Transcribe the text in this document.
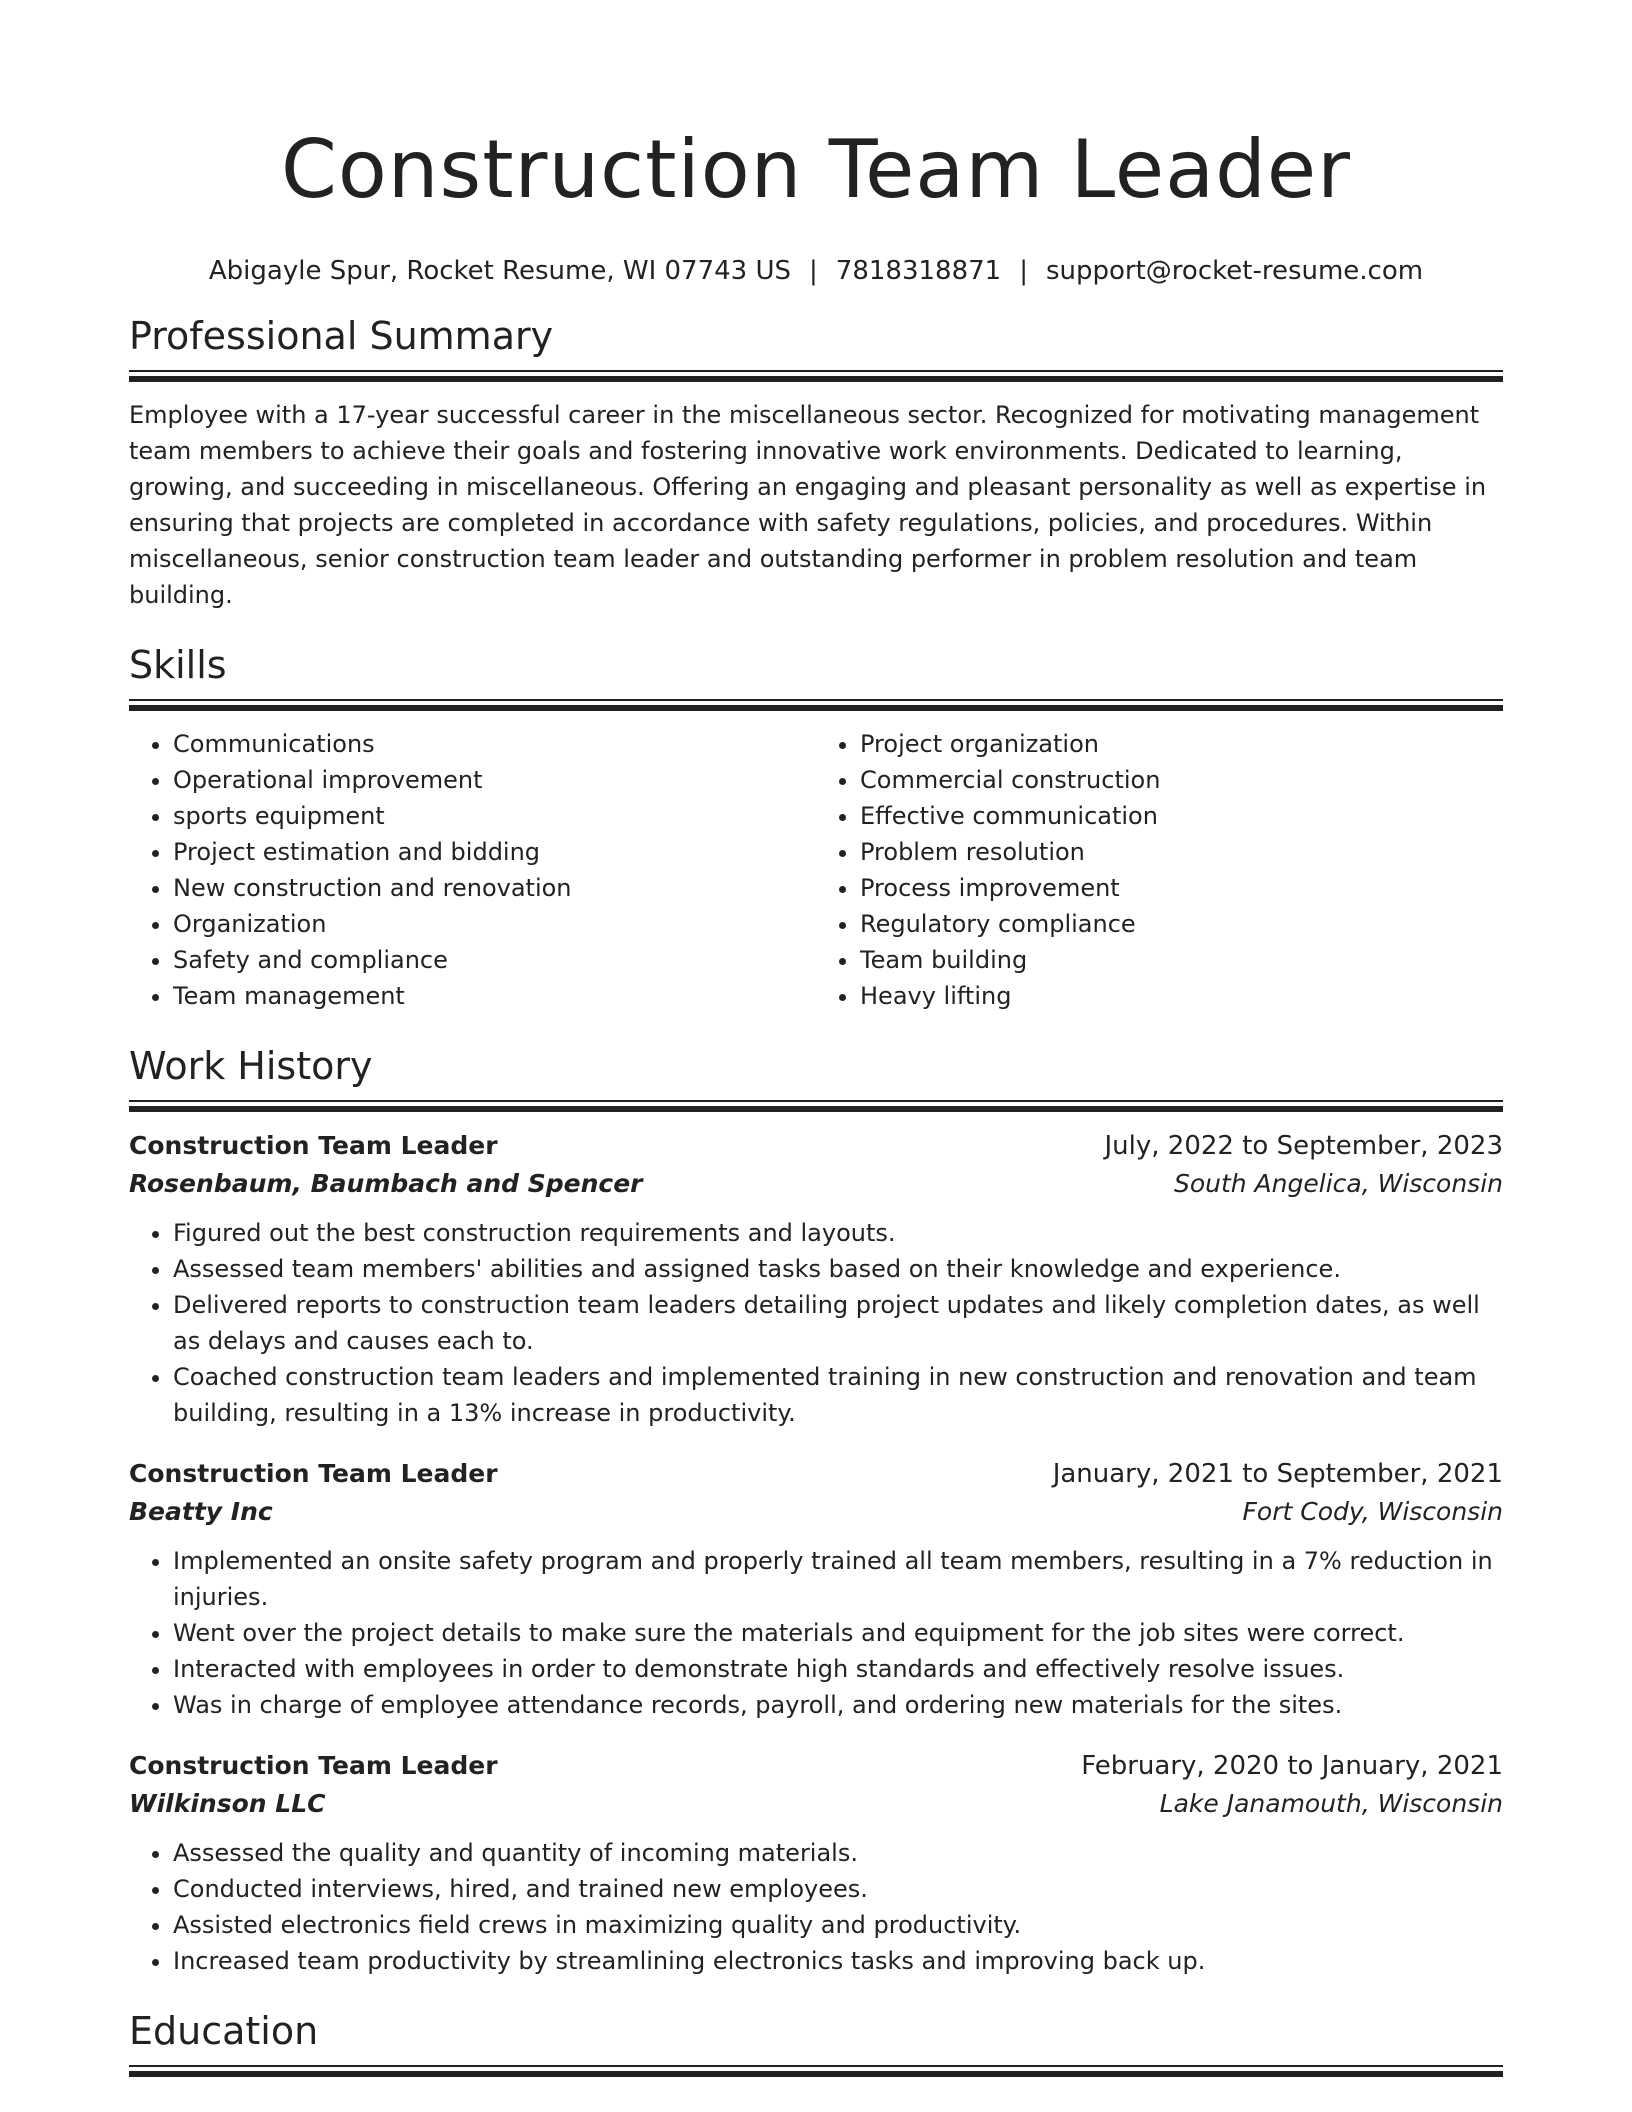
Construction Team Leader
Abigayle Spur, Rocket Resume, WI 07743 US | 7818318871 | support@rocket-resume.com
Professional Summary
Employee with a 17-year successful career in the miscellaneous sector. Recognized for motivating management team members to achieve their goals and fostering innovative work environments. Dedicated to learning, growing, and succeeding in miscellaneous. Offering an engaging and pleasant personality as well as expertise in ensuring that projects are completed in accordance with safety regulations, policies, and procedures. Within miscellaneous, senior construction team leader and outstanding performer in problem resolution and team building.
Skills
• Communications
• Operational improvement
• sports equipment
• Project estimation and bidding
• New construction and renovation
• Organization
• Safety and compliance
• Team management
• Project organization
• Commercial construction
• Effective communication
• Problem resolution
• Process improvement
• Regulatory compliance
• Team building
• Heavy lifting
Work History
Construction Team Leader	July, 2022 to September, 2023
Rosenbaum, Baumbach and Spencer	South Angelica, Wisconsin
• Figured out the best construction requirements and layouts.
• Assessed team members' abilities and assigned tasks based on their knowledge and experience.
• Delivered reports to construction team leaders detailing project updates and likely completion dates, as well as delays and causes each to.
• Coached construction team leaders and implemented training in new construction and renovation and team building, resulting in a 13% increase in productivity.
Construction Team Leader	January, 2021 to September, 2021
Beatty Inc	Fort Cody, Wisconsin
• Implemented an onsite safety program and properly trained all team members, resulting in a 7% reduction in injuries.
• Went over the project details to make sure the materials and equipment for the job sites were correct.
• Interacted with employees in order to demonstrate high standards and effectively resolve issues.
• Was in charge of employee attendance records, payroll, and ordering new materials for the sites.
Construction Team Leader	February, 2020 to January, 2021
Wilkinson LLC	Lake Janamouth, Wisconsin
• Assessed the quality and quantity of incoming materials.
• Conducted interviews, hired, and trained new employees.
• Assisted electronics field crews in maximizing quality and productivity.
• Increased team productivity by streamlining electronics tasks and improving back up.
Education
